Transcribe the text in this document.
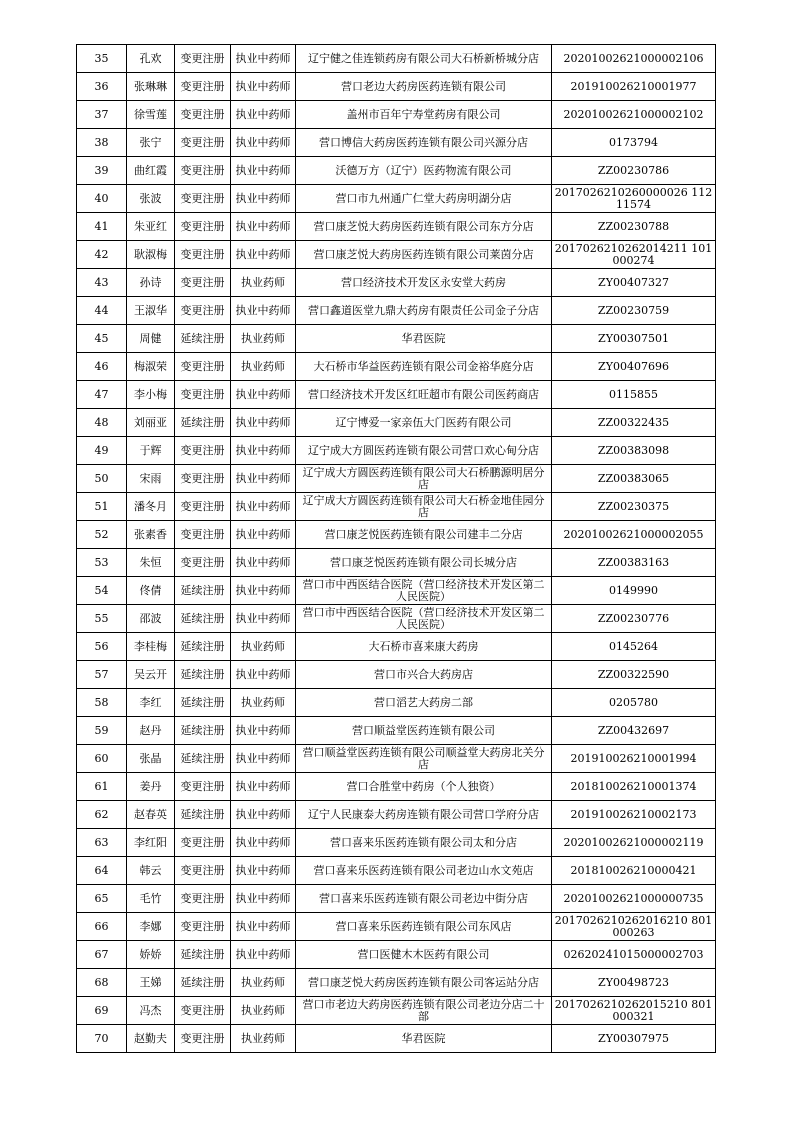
35	孔欢	变更注册	执业中药师	辽宁健之佳连锁药房有限公司大石桥新桥城分店	20201002621000002106
36	张琳琳	变更注册	执业中药师	营口老边大药房医药连锁有限公司	201910026210001977
37	徐雪莲	变更注册	执业中药师	盖州市百年宁寿堂药房有限公司	20201002621000002102
38	张宁	变更注册	执业中药师	营口博信大药房医药连锁有限公司兴源分店	0173794
39	曲红霞	变更注册	执业中药师	沃德万方（辽宁）医药物流有限公司	ZZ00230786
40	张波	变更注册	执业中药师	营口市九州通广仁堂大药房明湖分店	2017026210260000026 11211574
41	朱亚红	变更注册	执业中药师	营口康芝悦大药房医药连锁有限公司东方分店	ZZ00230788
42	耿淑梅	变更注册	执业中药师	营口康芝悦大药房医药连锁有限公司莱茵分店	2017026210262014211 101000274
43	孙诗	变更注册	执业药师	营口经济技术开发区永安堂大药房	ZY00407327
44	王淑华	变更注册	执业中药师	营口鑫道医堂九鼎大药房有限责任公司金子分店	ZZ00230759
45	周健	延续注册	执业药师	华君医院	ZY00307501
46	梅淑荣	变更注册	执业药师	大石桥市华益医药连锁有限公司金裕华庭分店	ZY00407696
47	李小梅	变更注册	执业中药师	营口经济技术开发区红旺超市有限公司医药商店	0115855
48	刘丽亚	延续注册	执业中药师	辽宁博爱一家亲伍大门医药有限公司	ZZ00322435
49	于辉	变更注册	执业中药师	辽宁成大方圆医药连锁有限公司营口欢心甸分店	ZZ00383098
50	宋雨	变更注册	执业中药师	辽宁成大方圆医药连锁有限公司大石桥鹏源明居分店	ZZ00383065
51	潘冬月	变更注册	执业中药师	辽宁成大方圆医药连锁有限公司大石桥金地佳园分店	ZZ00230375
52	张素香	变更注册	执业中药师	营口康芝悦医药连锁有限公司建丰二分店	20201002621000002055
53	朱恒	变更注册	执业中药师	营口康芝悦医药连锁有限公司长城分店	ZZ00383163
54	佟倩	延续注册	执业中药师	营口市中西医结合医院（营口经济技术开发区第二人民医院）	0149990
55	邵波	延续注册	执业中药师	营口市中西医结合医院（营口经济技术开发区第二人民医院）	ZZ00230776
56	李桂梅	延续注册	执业药师	大石桥市喜来康大药房	0145264
57	吴云开	延续注册	执业中药师	营口市兴合大药房店	ZZ00322590
58	李红	延续注册	执业药师	营口滔艺大药房二部	0205780
59	赵丹	延续注册	执业中药师	营口顺益堂医药连锁有限公司	ZZ00432697
60	张晶	延续注册	执业中药师	营口顺益堂医药连锁有限公司顺益堂大药房北关分店	201910026210001994
61	姜丹	变更注册	执业中药师	营口合胜堂中药房（个人独资）	201810026210001374
62	赵春英	延续注册	执业中药师	辽宁人民康泰大药房连锁有限公司营口学府分店	201910026210002173
63	李红阳	变更注册	执业中药师	营口喜来乐医药连锁有限公司太和分店	20201002621000002119
64	韩云	变更注册	执业中药师	营口喜来乐医药连锁有限公司老边山水文苑店	201810026210000421
65	毛竹	变更注册	执业中药师	营口喜来乐医药连锁有限公司老边中街分店	20201002621000000735
66	李娜	变更注册	执业中药师	营口喜来乐医药连锁有限公司东风店	2017026210262016210 801000263
67	娇娇	延续注册	执业中药师	营口医健木木医药有限公司	02620241015000002703
68	王娣	延续注册	执业药师	营口康芝悦大药房医药连锁有限公司客运站分店	ZY00498723
69	冯杰	变更注册	执业药师	营口市老边大药房医药连锁有限公司老边分店二十部	2017026210262015210 801000321
70	赵勤夫	变更注册	执业药师	华君医院	ZY00307975
